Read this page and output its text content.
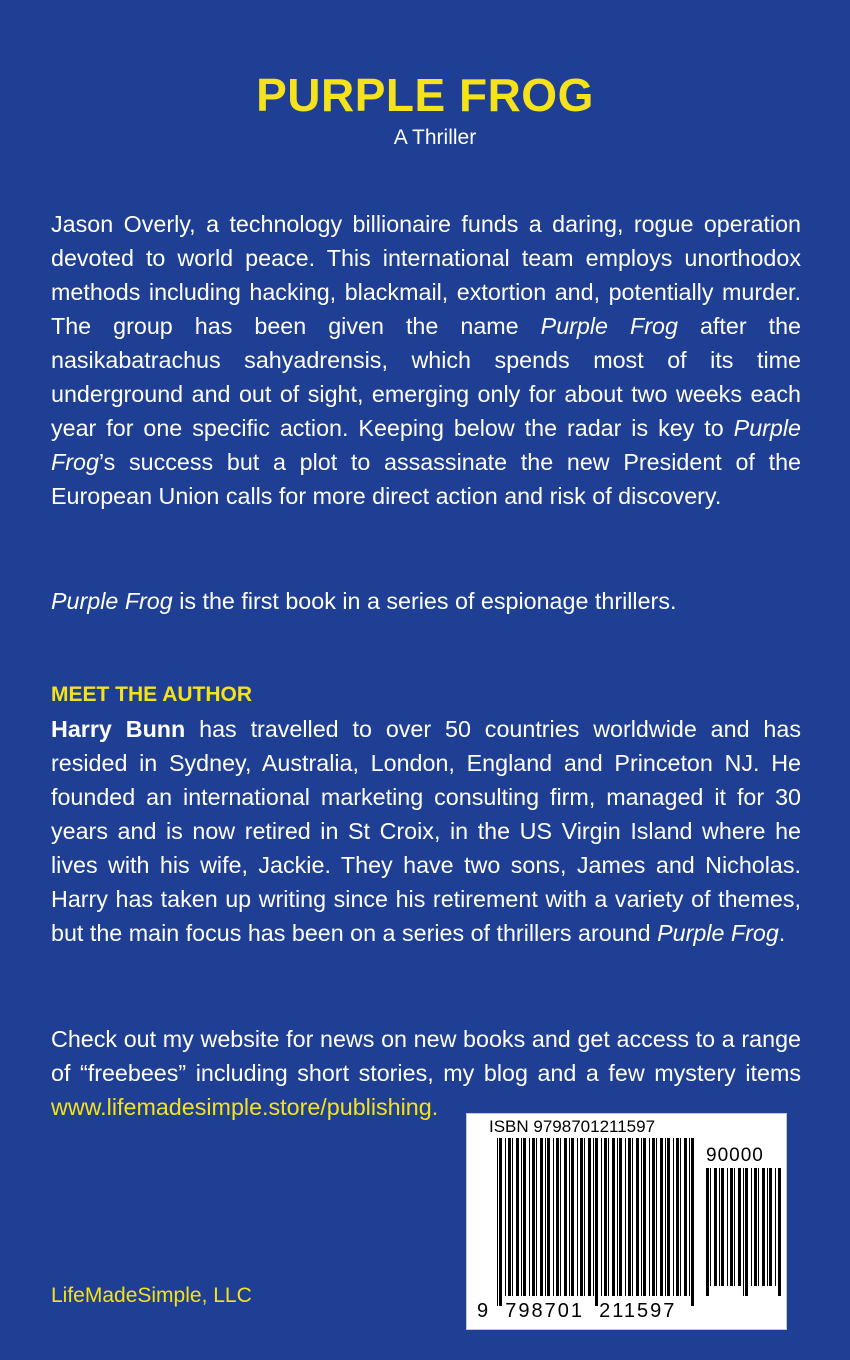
PURPLE FROG

A Thriller

Jason Overly, a technology billionaire funds a daring, rogue operation devoted to world peace. This international team employs unorthodox methods including hacking, blackmail, extortion and, potentially murder. The group has been given the name Purple Frog after the nasikabatrachus sahyadrensis, which spends most of its time underground and out of sight, emerging only for about two weeks each year for one specific action. Keeping below the radar is key to Purple Frog’s success but a plot to assassinate the new President of the European Union calls for more direct action and risk of discovery.

Purple Frog is the first book in a series of espionage thrillers.

MEET THE AUTHOR

Harry Bunn has travelled to over 50 countries worldwide and has resided in Sydney, Australia, London, England and Princeton NJ. He founded an international marketing consulting firm, managed it for 30 years and is now retired in St Croix, in the US Virgin Island where he lives with his wife, Jackie. They have two sons, James and Nicholas. Harry has taken up writing since his retirement with a variety of themes, but the main focus has been on a series of thrillers around Purple Frog.

Check out my website for news on new books and get access to a range of “freebees” including short stories, my blog and a few mystery items www.lifemadesimple.store/publishing.

LifeMadeSimple, LLC

ISBN 9798701211597
90000
9  798701  211597
